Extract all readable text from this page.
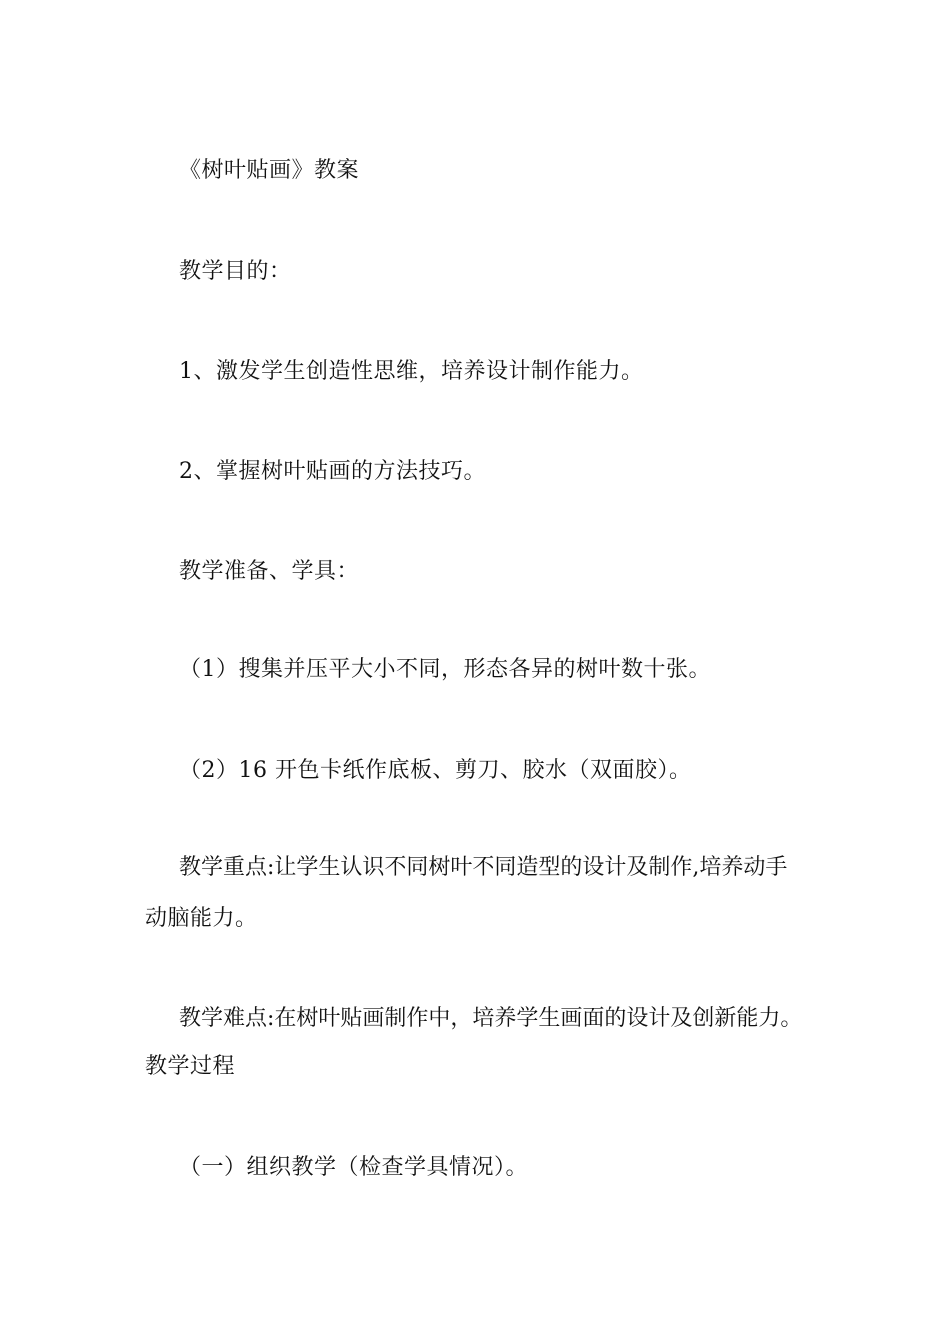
《树叶贴画》教案
教学目的：
1、激发学生创造性思维，培养设计制作能力。
2、掌握树叶贴画的方法技巧。
教学准备、学具：
（1）搜集并压平大小不同，形态各异的树叶数十张。
（2）16 开色卡纸作底板、剪刀、胶水（双面胶）。
教学重点:让学生认识不同树叶不同造型的设计及制作,培养动手
动脑能力。
教学难点:在树叶贴画制作中，培养学生画面的设计及创新能力。
教学过程
（一）组织教学（检查学具情况）。
